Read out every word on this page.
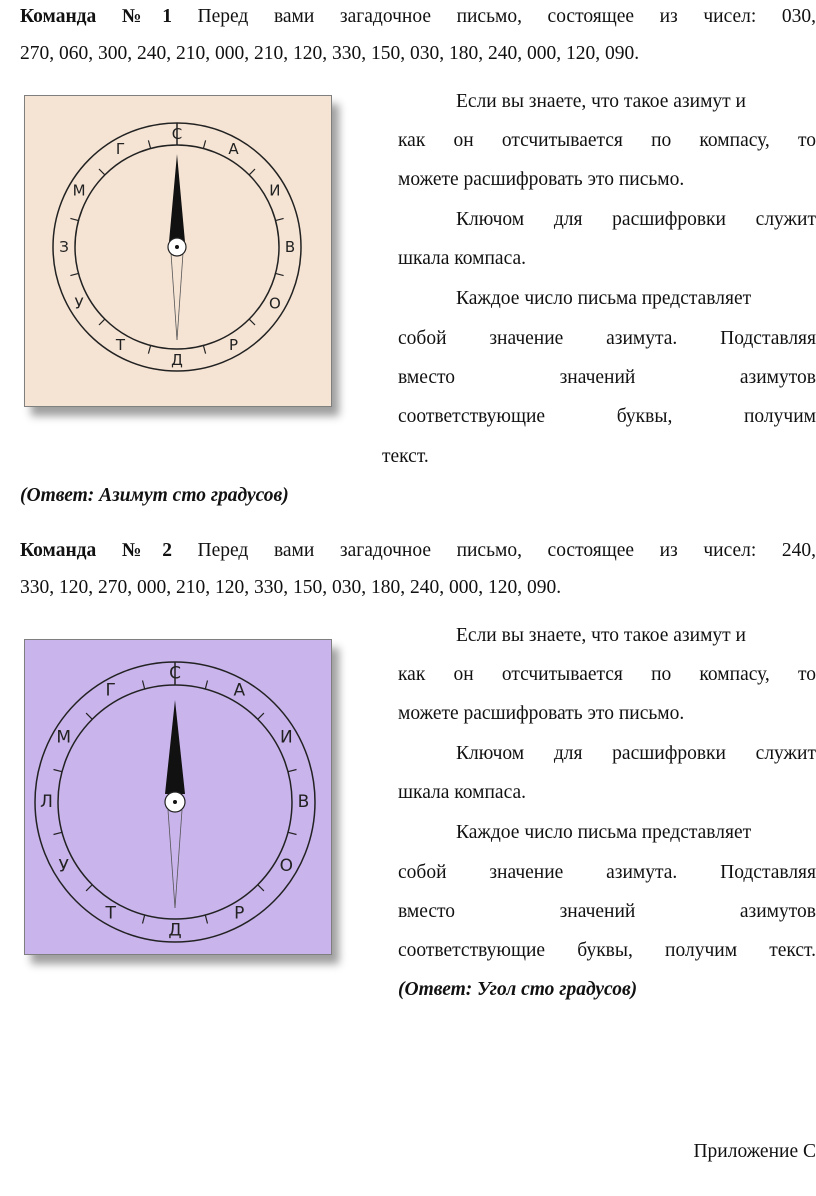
Команда №1 Перед вами загадочное письмо, состоящее из чисел: 030,

270, 060, 300, 240, 210, 000, 210, 120, 330, 150, 030, 180, 240, 000, 120, 090.

С
А
И
В
О
Р
Д
Т
У
З
М
Г

Если вы знаете, что такое азимут и

как он отсчитывается по компасу, то

можете расшифровать это письмо.

Ключом для расшифровки служит

шкала компаса.

Каждое число письма представляет

собой значение азимута. Подставляя

вместо значений азимутов

соответствующие буквы, получим

текст.

(Ответ: Азимут сто градусов)

Команда №2 Перед вами загадочное письмо, состоящее из чисел: 240,

330, 120, 270, 000, 210, 120, 330, 150, 030, 180, 240, 000, 120, 090.

С
А
И
В
О
Р
Д
Т
У
Л
М
Г

Если вы знаете, что такое азимут и

как он отсчитывается по компасу, то

можете расшифровать это письмо.

Ключом для расшифровки служит

шкала компаса.

Каждое число письма представляет

собой значение азимута. Подставляя

вместо значений азимутов

соответствующие буквы, получим текст.

(Ответ: Угол сто градусов)

Приложение С
